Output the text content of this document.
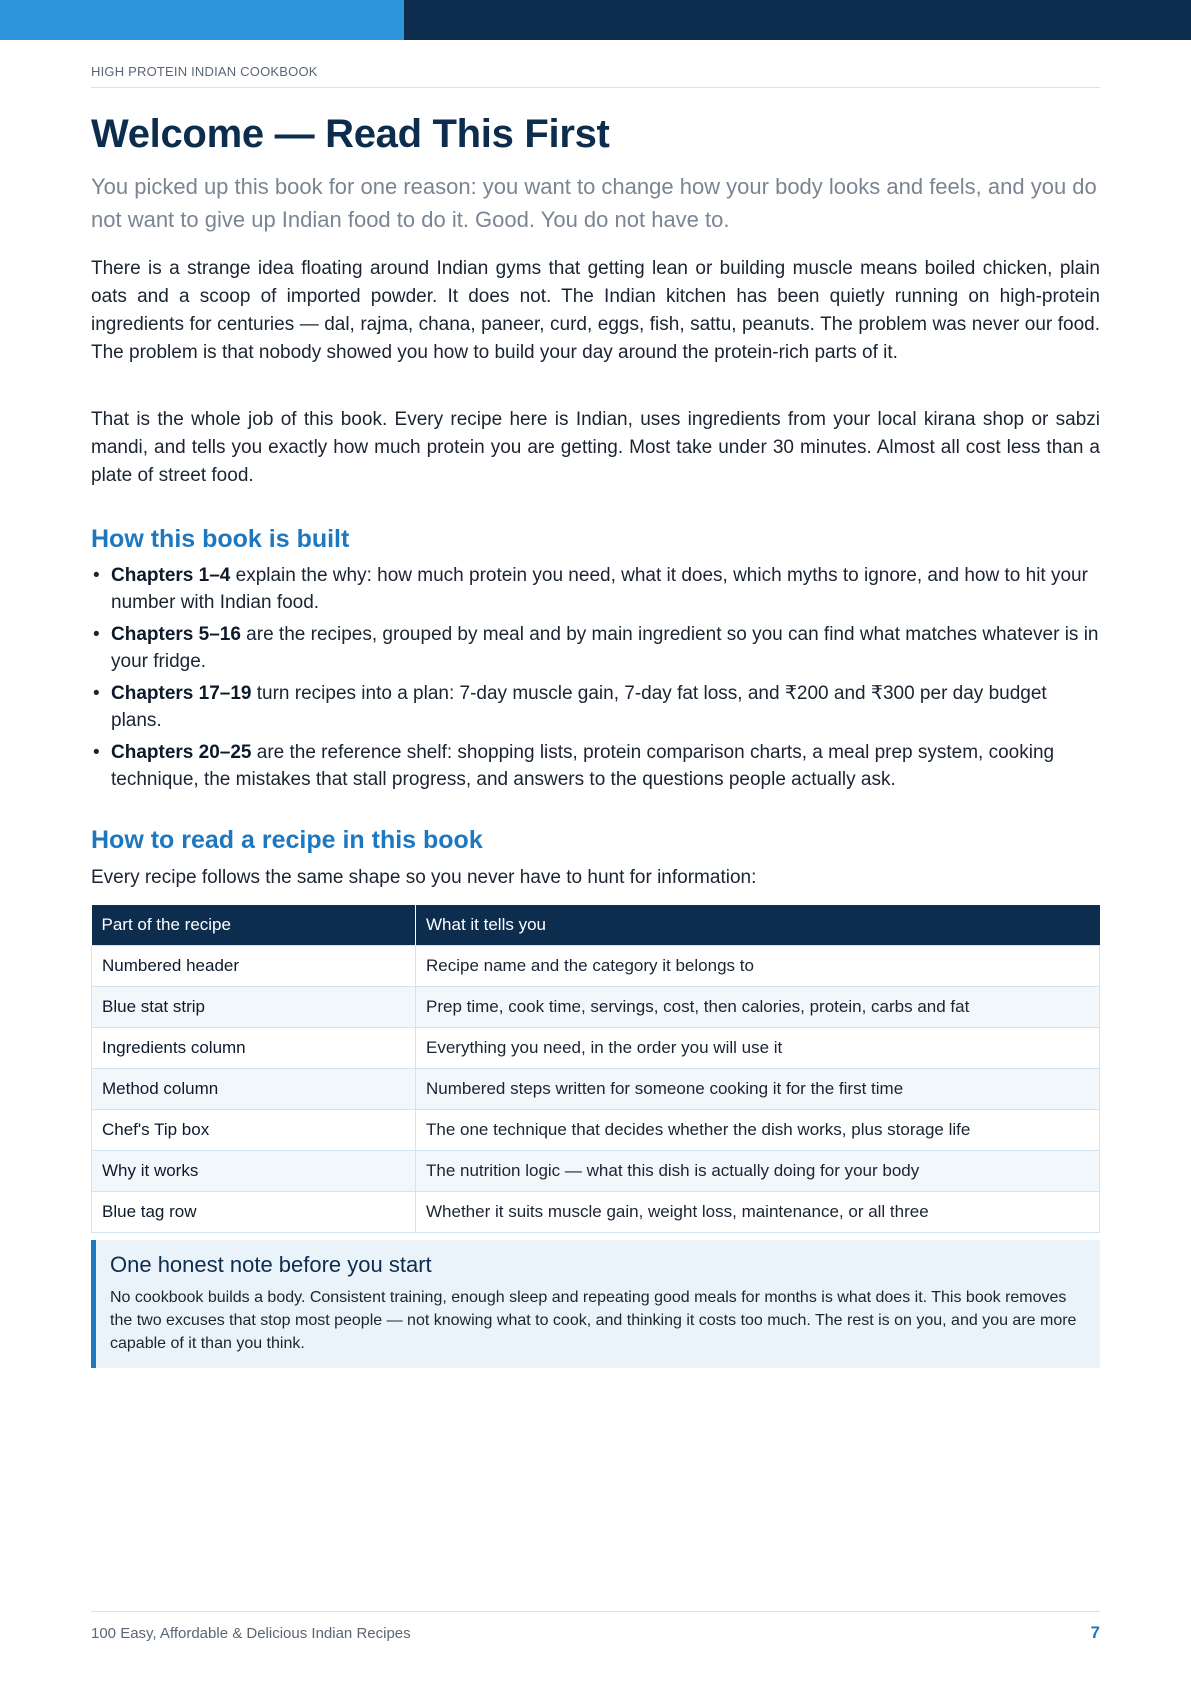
HIGH PROTEIN INDIAN COOKBOOK
Welcome — Read This First

You picked up this book for one reason: you want to change how your body looks and feels, and you do not want to give up Indian food to do it. Good. You do not have to.

There is a strange idea floating around Indian gyms that getting lean or building muscle means boiled chicken, plain oats and a scoop of imported powder. It does not. The Indian kitchen has been quietly running on high-protein ingredients for centuries — dal, rajma, chana, paneer, curd, eggs, fish, sattu, peanuts. The problem was never our food. The problem is that nobody showed you how to build your day around the protein-rich parts of it.

That is the whole job of this book. Every recipe here is Indian, uses ingredients from your local kirana shop or sabzi mandi, and tells you exactly how much protein you are getting. Most take under 30 minutes. Almost all cost less than a plate of street food.

How this book is built
• Chapters 1–4 explain the why: how much protein you need, what it does, which myths to ignore, and how to hit your number with Indian food.
• Chapters 5–16 are the recipes, grouped by meal and by main ingredient so you can find what matches whatever is in your fridge.
• Chapters 17–19 turn recipes into a plan: 7-day muscle gain, 7-day fat loss, and ₹200 and ₹300 per day budget plans.
• Chapters 20–25 are the reference shelf: shopping lists, protein comparison charts, a meal prep system, cooking technique, the mistakes that stall progress, and answers to the questions people actually ask.
How to read a recipe in this book

Every recipe follows the same shape so you never have to hunt for information:

Part of the recipe	What it tells you
Numbered header	Recipe name and the category it belongs to
Blue stat strip	Prep time, cook time, servings, cost, then calories, protein, carbs and fat
Ingredients column	Everything you need, in the order you will use it
Method column	Numbered steps written for someone cooking it for the first time
Chef's Tip box	The one technique that decides whether the dish works, plus storage life
Why it works	The nutrition logic — what this dish is actually doing for your body
Blue tag row	Whether it suits muscle gain, weight loss, maintenance, or all three

One honest note before you start

No cookbook builds a body. Consistent training, enough sleep and repeating good meals for months is what does it. This book removes the two excuses that stop most people — not knowing what to cook, and thinking it costs too much. The rest is on you, and you are more capable of it than you think.

100 Easy, Affordable & Delicious Indian Recipes	7
